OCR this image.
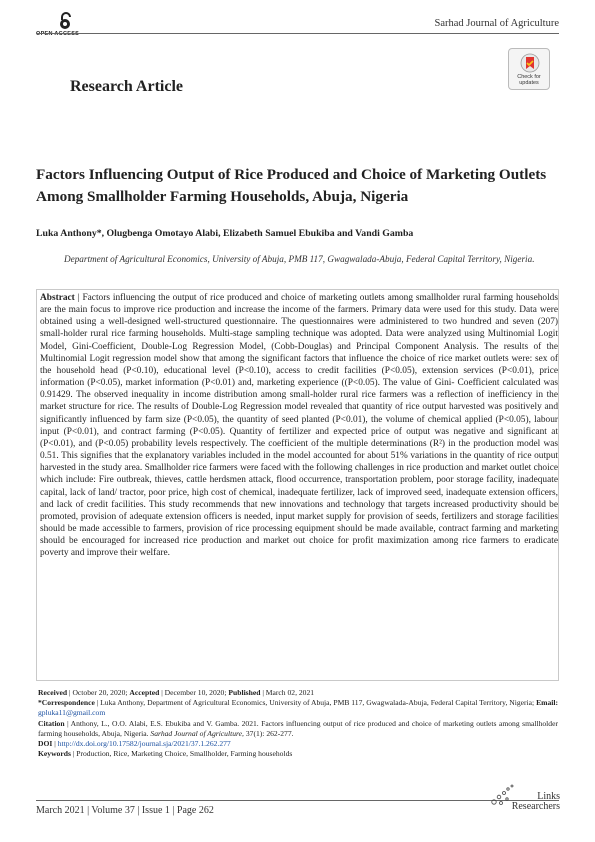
OPEN ACCESS
Sarhad Journal of Agriculture
Check for
updates
Research Article
Factors Influencing Output of Rice Produced and Choice of Marketing Outlets Among Smallholder Farming Households, Abuja, Nigeria
Luka Anthony*, Olugbenga Omotayo Alabi, Elizabeth Samuel Ebukiba and Vandi Gamba
Department of Agricultural Economics, University of Abuja, PMB 117, Gwagwalada-Abuja, Federal Capital Territory, Nigeria.

Abstract | Factors influencing the output of rice produced and choice of marketing outlets among smallholder rural farming households are the main focus to improve rice production and increase the income of the farmers. Primary data were used for this study. Data were obtained using a well-designed well-structured questionnaire. The questionnaires were administered to two hundred and seven (207) small-holder rural rice farming households. Multi-stage sampling technique was adopted. Data were analyzed using Multinomial Logit Model, Gini-Coefficient, Double-Log Regression Model, (Cobb-Douglas) and Principal Component Analysis. The results of the Multinomial Logit regression model show that among the significant factors that influence the choice of rice market outlets were: sex of the household head (P<0.10), educational level (P<0.10), access to credit facilities (P<0.05), extension services (P<0.01), price information (P<0.05), market information (P<0.01) and, marketing experience ((P<0.05). The value of Gini- Coefficient calculated was 0.91429. The observed inequality in income distribution among small-holder rural rice farmers was a reflection of inefficiency in the market structure for rice. The results of Double-Log Regression model revealed that quantity of rice output harvested was positively and significantly influenced by farm size (P<0.05), the quantity of seed planted (P<0.01), the volume of chemical applied (P<0.05), labour input (P<0.01), and contract farming (P<0.05). Quantity of fertilizer and expected price of output was negative and significant at (P<0.01), and (P<0.05) probability levels respectively. The coefficient of the multiple determinations (R²) in the production model was 0.51. This signifies that the explanatory variables included in the model accounted for about 51% variations in the quantity of rice output harvested in the study area. Smallholder rice farmers were faced with the following challenges in rice production and market outlet choice which include: Fire outbreak, thieves, cattle herdsmen attack, flood occurrence, transportation problem, poor storage facility, inadequate capital, lack of land/ tractor, poor price, high cost of chemical, inadequate fertilizer, lack of improved seed, inadequate extension officers, and lack of credit facilities. This study recommends that new innovations and technology that targets increased productivity should be promoted, provision of adequate extension officers is needed, input market supply for provision of seeds, fertilizers and storage facilities should be made accessible to farmers, provision of rice processing equipment should be made available, contract farming and marketing should be encouraged for increased rice production and market out choice for profit maximization among rice farmers to eradicate poverty and improve their welfare.

Received | October 20, 2020; Accepted | December 10, 2020; Published | March 02, 2021

*Correspondence | Luka Anthony, Department of Agricultural Economics, University of Abuja, PMB 117, Gwagwalada-Abuja, Federal Capital Territory, Nigeria; Email: gpluka11@gmail.com

Citation | Anthony, L., O.O. Alabi, E.S. Ebukiba and V. Gamba. 2021. Factors influencing output of rice produced and choice of marketing outlets among smallholder farming households, Abuja, Nigeria. Sarhad Journal of Agriculture, 37(1): 262-277.

DOI | http://dx.doi.org/10.17582/journal.sja/2021/37.1.262.277

Keywords | Production, Rice, Marketing Choice, Smallholder, Farming households

March 2021 | Volume 37 | Issue 1 | Page 262
Links
Researchers
